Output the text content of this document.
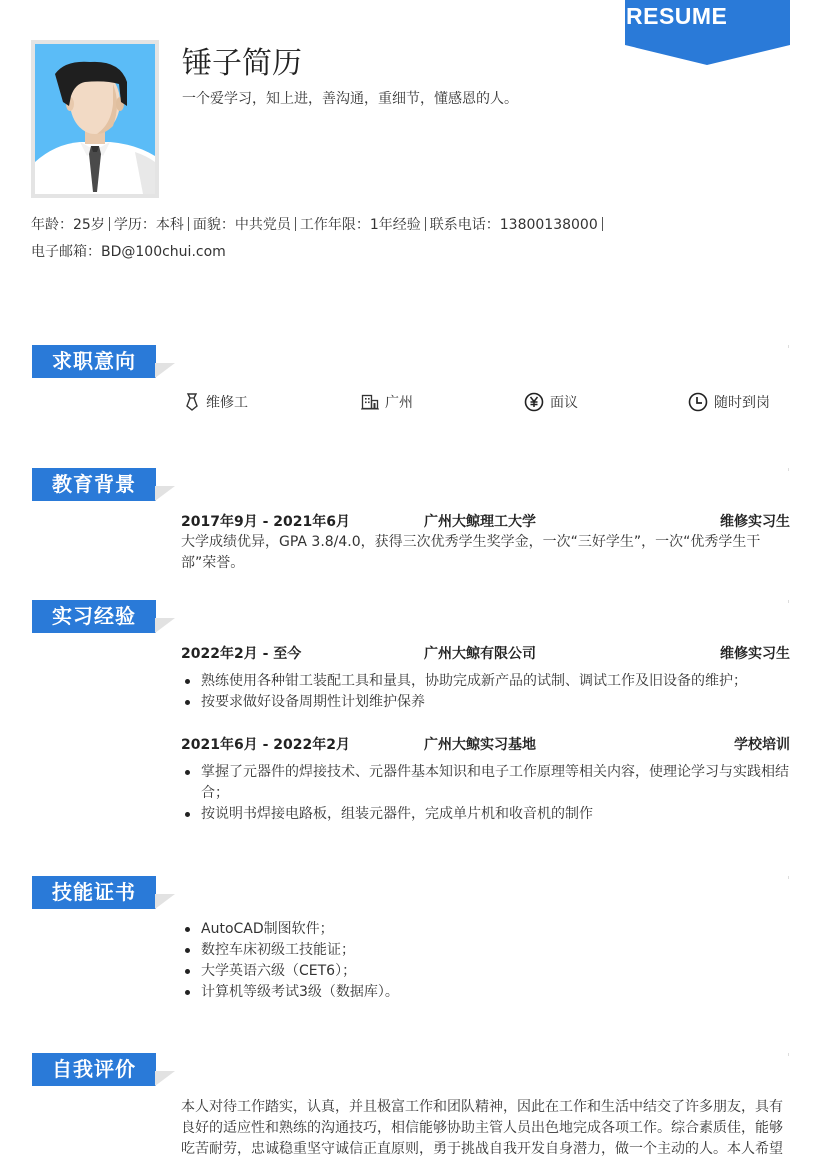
RESUME
锤子简历
一个爱学习，知上进，善沟通，重细节，懂感恩的人。
年龄：25岁 学历：本科 面貌：中共党员 工作年限：1年经验 联系电话：13800138000
电子邮箱：BD@100chui.com
求职意向
维修工	广州	面议	随时到岗
教育背景
2017年9月 - 2021年6月	广州大鲸理工大学	维修实习生

大学成绩优异，GPA 3.8/4.0，获得三次优秀学生奖学金，一次“三好学生”，一次“优秀学生干部”荣誉。

实习经验
2022年2月 - 至今	广州大鲸有限公司	维修实习生
熟练使用各种钳工装配工具和量具，协助完成新产品的试制、调试工作及旧设备的维护；
按要求做好设备周期性计划维护保养
2021年6月 - 2022年2月	广州大鲸实习基地	学校培训
掌握了元器件的焊接技术、元器件基本知识和电子工作原理等相关内容，使理论学习与实践相结合；
按说明书焊接电路板，组装元器件，完成单片机和收音机的制作
技能证书
AutoCAD制图软件；
数控车床初级工技能证；
大学英语六级（CET6）；
计算机等级考试3级（数据库）。
自我评价

本人对待工作踏实，认真，并且极富工作和团队精神，因此在工作和生活中结交了许多朋友，具有良好的适应性和熟练的沟通技巧，相信能够协助主管人员出色地完成各项工作。综合素质佳，能够吃苦耐劳，忠诚稳重坚守诚信正直原则，勇于挑战自我开发自身潜力，做一个主动的人。本人希望
